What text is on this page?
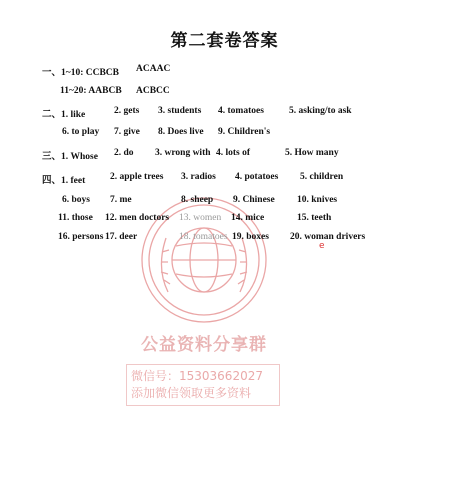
第二套卷答案
公益资料分享群
微信号：15303662027
添加微信领取更多资料
一、1~10: CCBCB ACAAC
11~20: AABCB ACBCC
二、1. like	2. gets 3. students 4. tomatoes	5. asking/to ask
6. to play 7. give 8. Does live 9. Children's
三、1. Whose 2. do 3. wrong with 4. lots of	5. How many
四、1. feet	2. apple trees 3. radios 4. potatoes 5. children
6. boys 7. me	8. sheep 9. Chinese 10. knives
11. those 12. men doctors 13. women 14. mice	15. teeth
16. persons 17. deer	18. tomatoes 19. boxes 20. woman drivers
e
